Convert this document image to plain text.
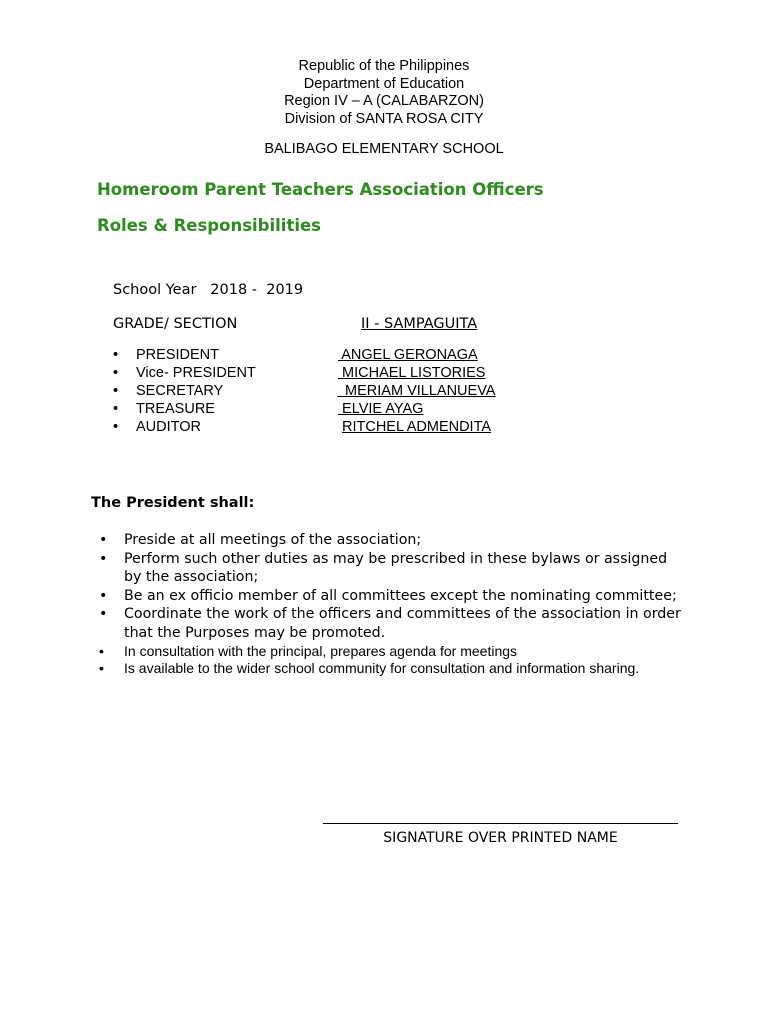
Republic of the Philippines
Department of Education
Region IV – A (CALABARZON)
Division of SANTA ROSA CITY
BALIBAGO ELEMENTARY SCHOOL
Homeroom Parent Teachers Association Officers
Roles & Responsibilities
School Year   2018 -  2019
GRADE/ SECTION	II - SAMPAGUITA
•	PRESIDENT	ANGEL GERONAGA
•	Vice- PRESIDENT	MICHAEL LISTORIES
•	SECRETARY	MERIAM VILLANUEVA
•	TREASURE	ELVIE AYAG
•	AUDITOR	RITCHEL ADMENDITA
The President shall:
• Preside at all meetings of the association;
• Perform such other duties as may be prescribed in these bylaws or assigned by the association;
• Be an ex officio member of all committees except the nominating committee;
• Coordinate the work of the officers and committees of the association in order that the Purposes may be promoted.
• In consultation with the principal, prepares agenda for meetings
• Is available to the wider school community for consultation and information sharing.
SIGNATURE OVER PRINTED NAME
